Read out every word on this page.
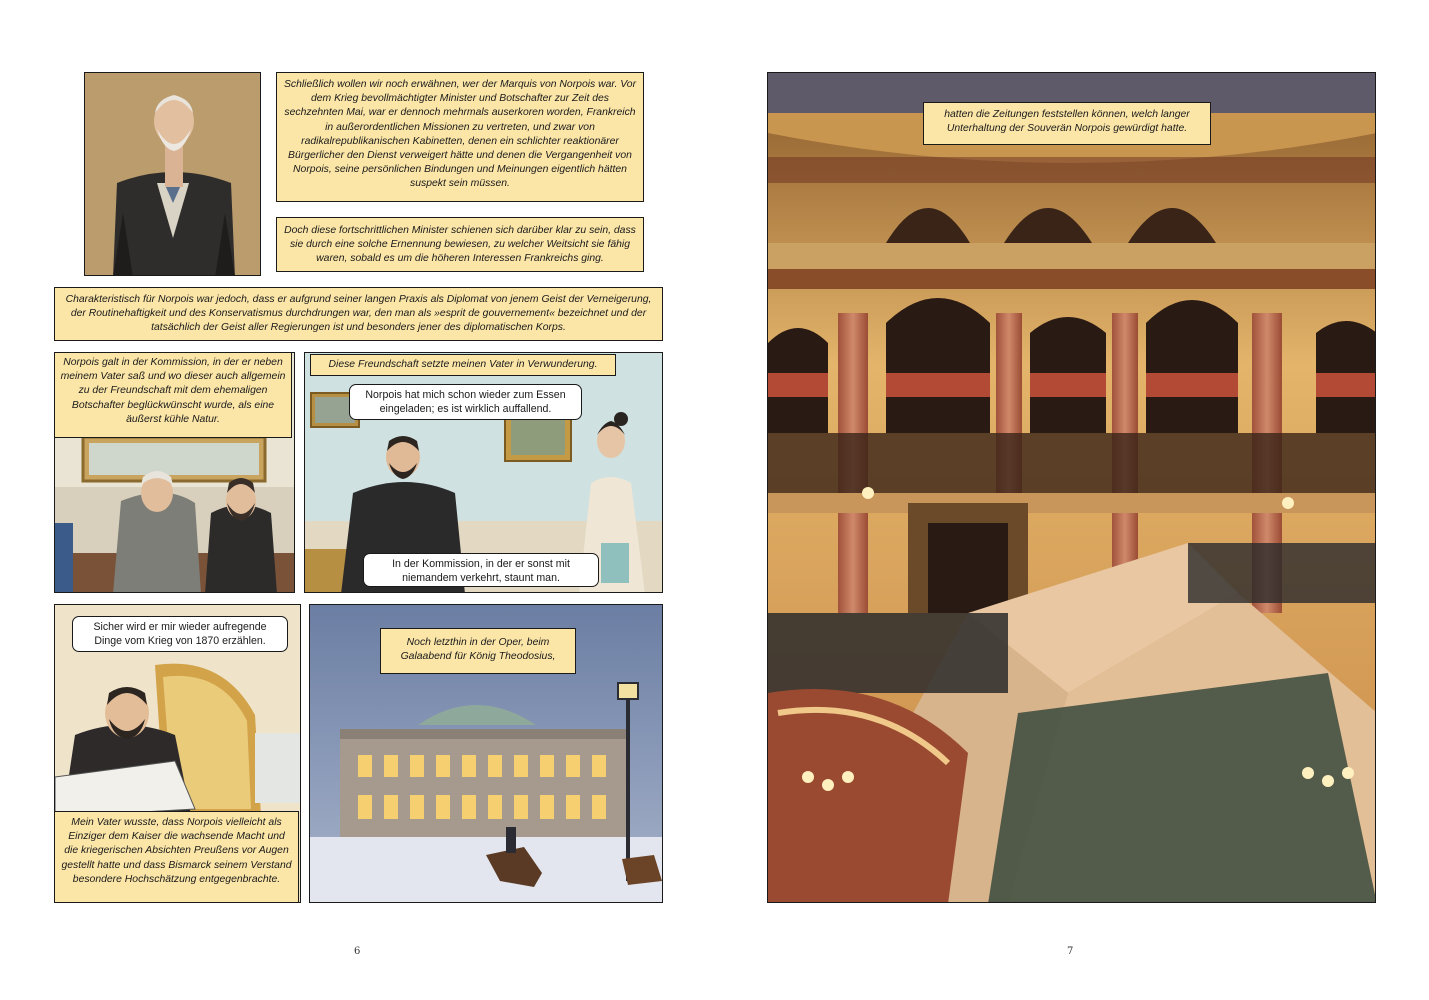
Schließlich wollen wir noch erwähnen, wer der Marquis von Norpois war. Vor dem Krieg bevollmächtigter Minister und Botschafter zur Zeit des sechzehnten Mai, war er dennoch mehrmals auserkoren worden, Frankreich in außerordentlichen Missionen zu vertreten, und zwar von radikalrepublikanischen Kabinetten, denen ein schlichter reaktionärer Bürgerlicher den Dienst verweigert hätte und denen die Vergangenheit von Norpois, seine persönlichen Bindungen und Meinungen eigentlich hätten suspekt sein müssen.
Doch diese fortschrittlichen Minister schienen sich darüber klar zu sein, dass sie durch eine solche Ernennung bewiesen, zu welcher Weitsicht sie fähig waren, sobald es um die höheren Interessen Frankreichs ging.
Charakteristisch für Norpois war jedoch, dass er aufgrund seiner langen Praxis als Diplomat von jenem Geist der Verneigerung, der Routinehaftigkeit und des Konservatismus durchdrungen war, den man als »esprit de gouvernement« bezeichnet und der tatsächlich der Geist aller Regierungen ist und besonders jener des diplomatischen Korps.
Norpois galt in der Kommission, in der er neben meinem Vater saß und wo dieser auch allgemein zu der Freundschaft mit dem ehemaligen Botschafter beglückwünscht wurde, als eine äußerst kühle Natur.
Diese Freundschaft setzte meinen Vater in Verwunderung.
Norpois hat mich schon wieder zum Essen eingeladen; es ist wirklich auffallend.
In der Kommission, in der er sonst mit niemandem verkehrt, staunt man.
Sicher wird er mir wieder aufregende Dinge vom Krieg von 1870 erzählen.
Mein Vater wusste, dass Norpois vielleicht als Einziger dem Kaiser die wachsende Macht und die kriegerischen Absichten Preußens vor Augen gestellt hatte und dass Bismarck seinem Verstand besondere Hochschätzung entgegenbrachte.
Noch letzthin in der Oper, beim Galaabend für König Theodosius,
6
hatten die Zeitungen feststellen können, welch langer Unterhaltung der Souverän Norpois gewürdigt hatte.
7
